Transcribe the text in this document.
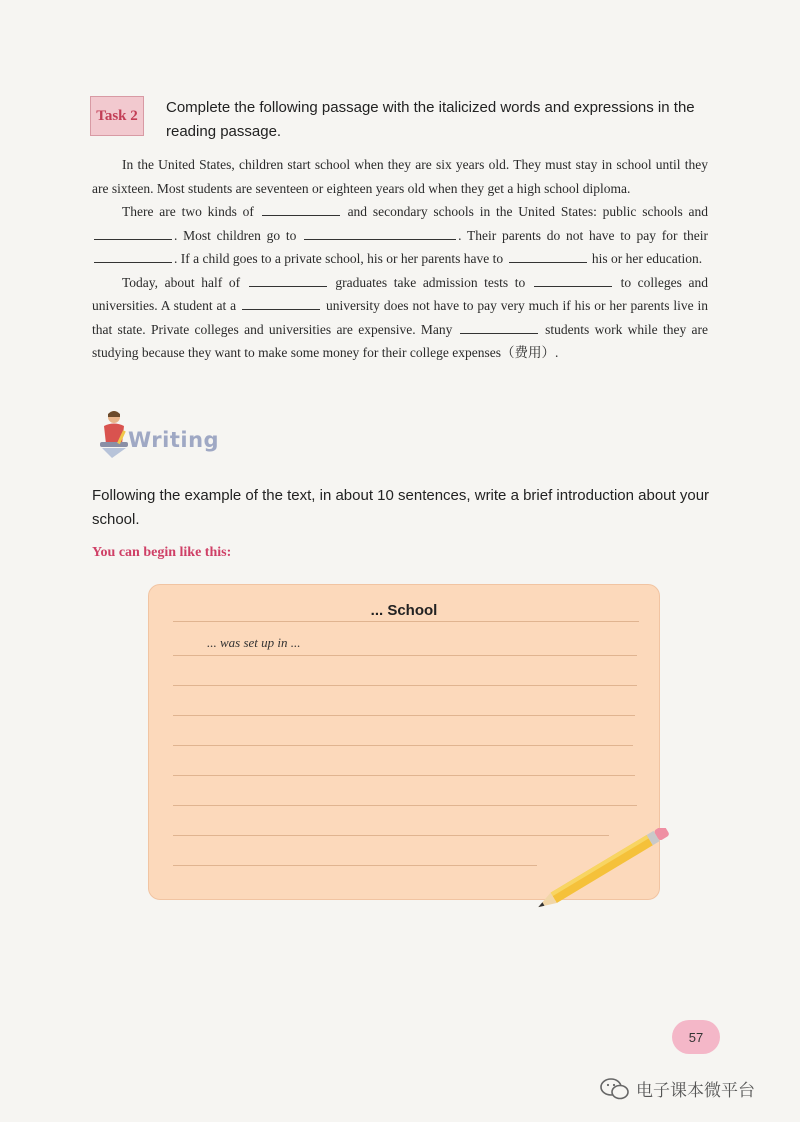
Task 2	Complete the following passage with the italicized words and expressions in the reading passage.

In the United States, children start school when they are six years old. They must stay in school until they are sixteen. Most students are seventeen or eighteen years old when they get a high school diploma.

There are two kinds of	and secondary schools in the United States: public schools and . Most children go to	. Their parents do not have to pay for their . If a child goes to a private school, his or her parents have to	his or her education.

Today, about half of	graduates take admission tests to	to colleges and universities. A student at a	university does not have to pay very much if his or her parents live in that state. Private colleges and universities are expensive. Many	students work while they are studying because they want to make some money for their college expenses（费用）.

Writing
Following the example of the text, in about 10 sentences, write a brief introduction about your school.
You can begin like this:
... School
... was set up in ...
57
电子课本微平台
